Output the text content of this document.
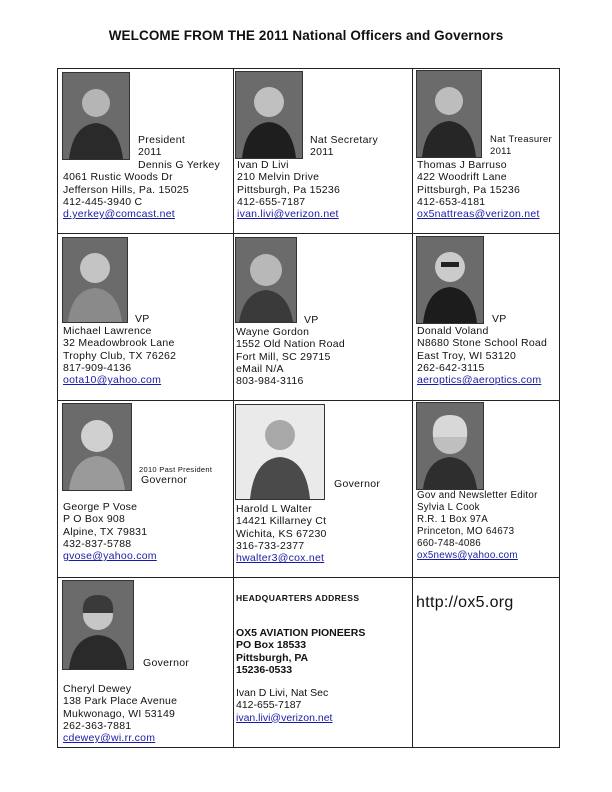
WELCOME FROM THE 2011 National Officers and Governors
President
2011
Dennis G Yerkey
4061 Rustic Woods Dr
Jefferson Hills, Pa. 15025
412-445-3940 C
d.yerkey@comcast.net
Nat Secretary
2011
Ivan D Livi
210 Melvin Drive
Pittsburgh, Pa 15236
412-655-7187
ivan.livi@verizon.net
Nat Treasurer
2011
Thomas J Barruso
422 Woodrift Lane
Pittsburgh, Pa 15236
412-653-4181
ox5nattreas@verizon.net
VP
Michael Lawrence
32 Meadowbrook Lane
Trophy Club, TX 76262
817-909-4136
oota10@yahoo.com
VP
Wayne Gordon
1552 Old Nation Road
Fort Mill, SC 29715
eMail N/A
803-984-3116
VP
Donald Voland
N8680 Stone School Road
East Troy, WI 53120
262-642-3115
aeroptics@aeroptics.com
2010 Past President
Governor
George P Vose
P O Box 908
Alpine, TX 79831
432-837-5788
gvose@yahoo.com
Governor
Harold L Walter
14421 Killarney Ct
Wichita, KS 67230
316-733-2377
hwalter3@cox.net
Gov and Newsletter Editor
Sylvia L Cook
R.R. 1 Box 97A
Princeton, MO 64673
660-748-4086
ox5news@yahoo.com
Governor
Cheryl Dewey
138 Park Place Avenue
Mukwonago, WI 53149
262-363-7881
cdewey@wi.rr.com
HEADQUARTERS ADDRESS
OX5 AVIATION PIONEERS
PO Box 18533
Pittsburgh, PA
15236-0533
Ivan D Livi, Nat Sec
412-655-7187
ivan.livi@verizon.net
http://ox5.org
